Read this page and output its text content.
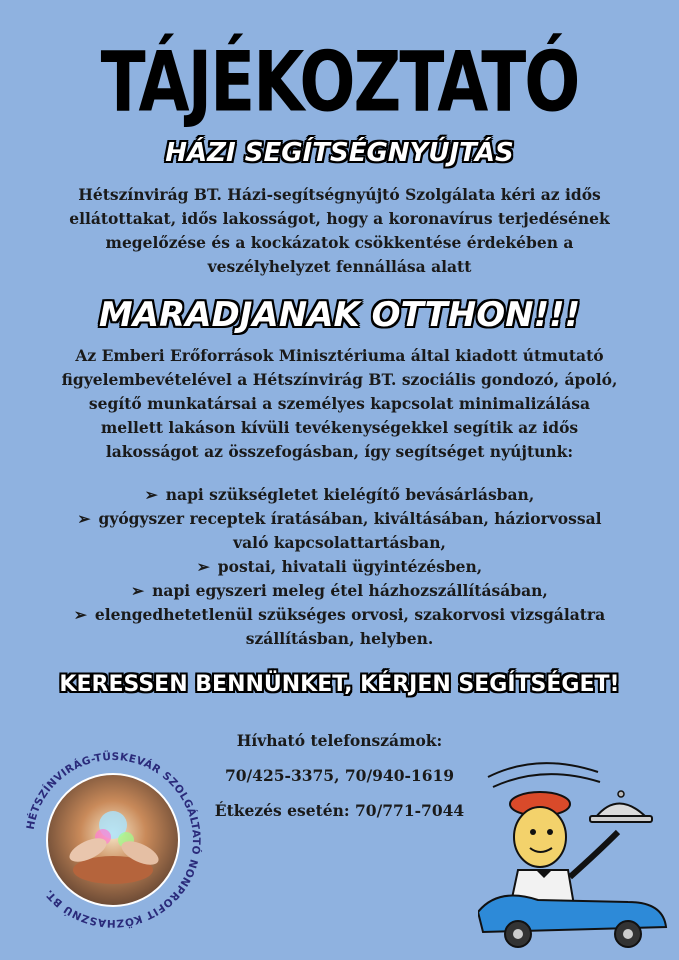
TÁJÉKOZTATÓ
HÁZI SEGÍTSÉGNYÚJTÁS
Hétszínvirág BT. Házi-segítségnyújtó Szolgálata kéri az idős ellátottakat, idős lakosságot, hogy a koronavírus terjedésének megelőzése és a kockázatok csökkentése érdekében a veszélyhelyzet fennállása alatt
MARADJANAK OTTHON!!!
Az Emberi Erőforrások Minisztériuma által kiadott útmutató figyelembevételével a Hétszínvirág BT. szociális gondozó, ápoló, segítő munkatársai a személyes kapcsolat minimalizálása mellett lakáson kívüli tevékenységekkel segítik az idős lakosságot az összefogásban, így segítséget nyújtunk:
➢ napi szükségletet kielégítő bevásárlásban,
➢ gyógyszer receptek íratásában, kiváltásában, háziorvossal való kapcsolattartásban,
➢ postai, hivatali ügyintézésben,
➢ napi egyszeri meleg étel házhozszállításában,
➢ elengedhetetlenül szükséges orvosi, szakorvosi vizsgálatra szállításban, helyben.
KERESSEN BENNÜNKET, KÉRJEN SEGÍTSÉGET!
Hívható telefonszámok:
70/425-3375, 70/940-1619
Étkezés esetén: 70/771-7044
HÉTSZÍNVIRÁG-TÜSKEVÁR SZOLGÁLTATÓ NONPROFIT KÖZHASZNÚ BT.
